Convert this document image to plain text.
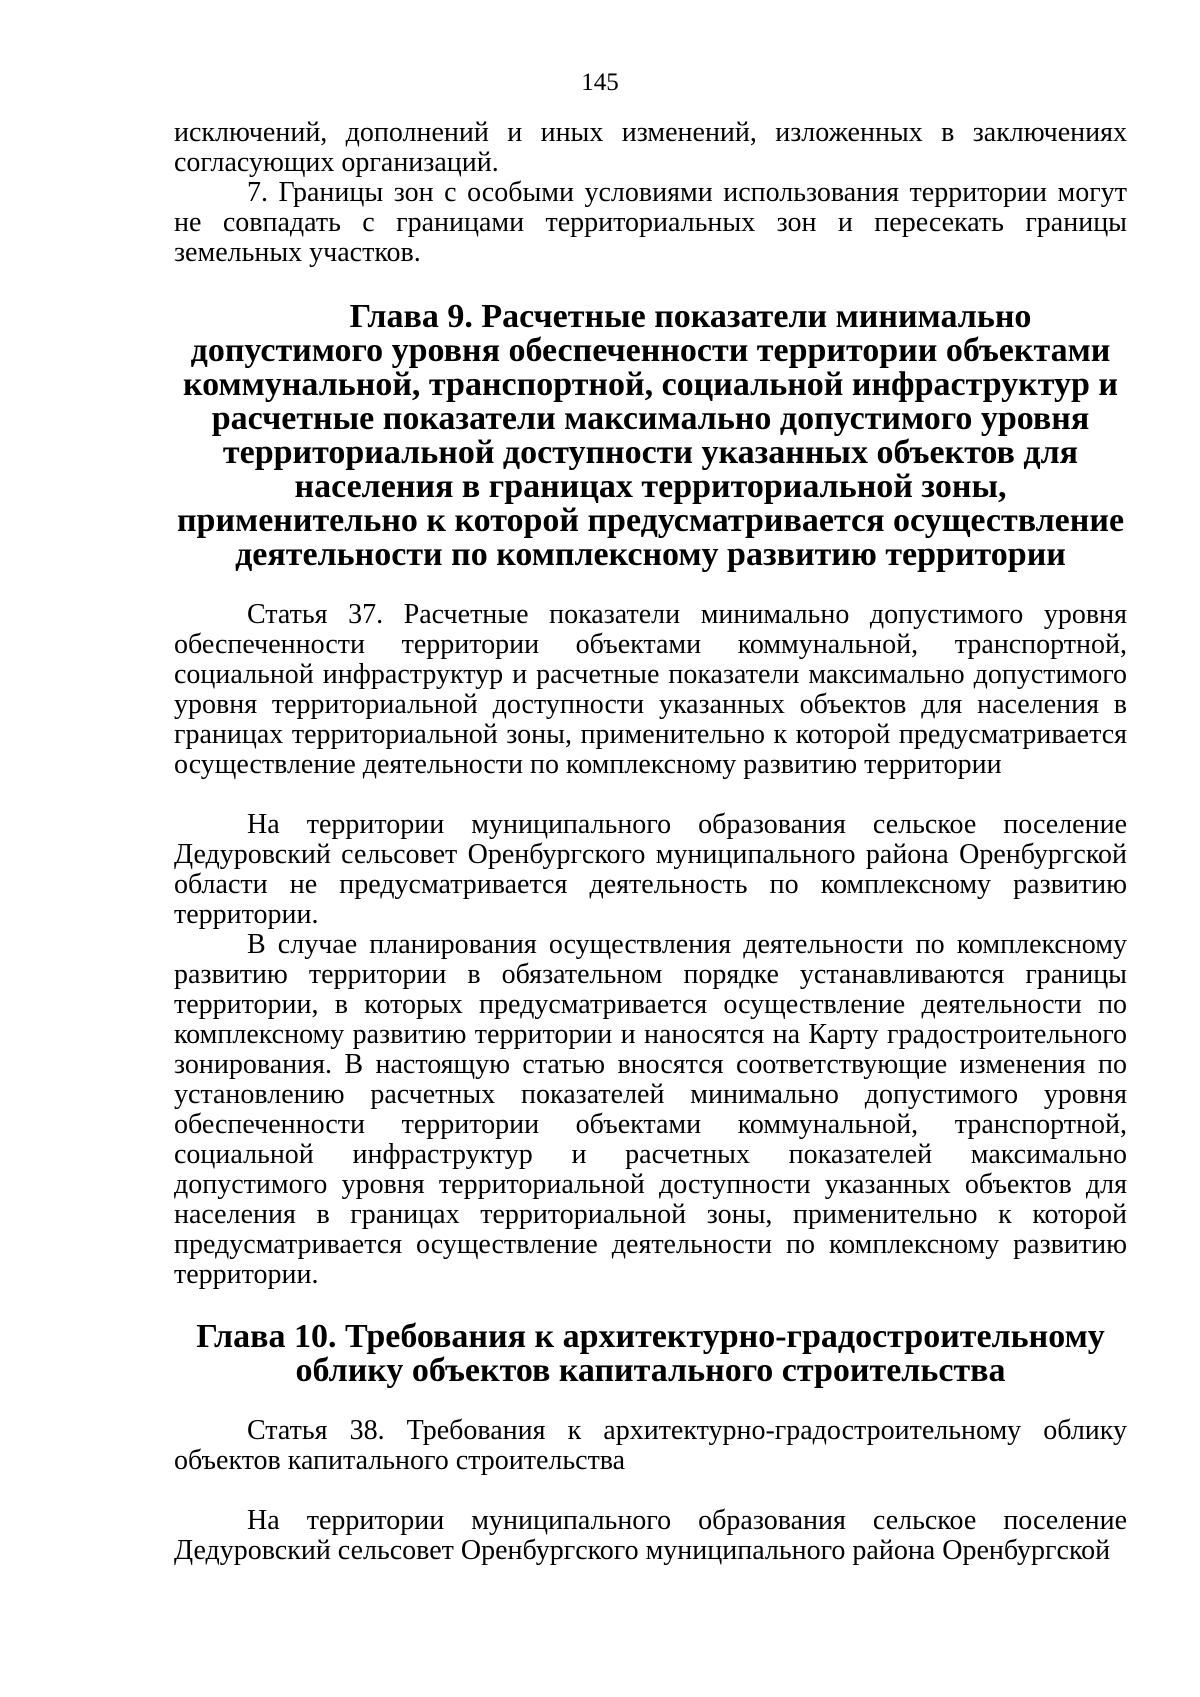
145

исключений, дополнений и иных изменений, изложенных в заключениях согласующих организаций.

7. Границы зон с особыми условиями использования территории могут не совпадать с границами территориальных зон и пересекать границы земельных участков.

Глава 9. Расчетные показатели минимально допустимого уровня обеспеченности территории объектами коммунальной, транспортной, социальной инфраструктур и расчетные показатели максимально допустимого уровня территориальной доступности указанных объектов для населения в границах территориальной зоны, применительно к которой предусматривается осуществление деятельности по комплексному развитию территории

Статья 37. Расчетные показатели минимально допустимого уровня обеспеченности территории объектами коммунальной, транспортной, социальной инфраструктур и расчетные показатели максимально допустимого уровня территориальной доступности указанных объектов для населения в границах территориальной зоны, применительно к которой предусматривается осуществление деятельности по комплексному развитию территории

На территории муниципального образования сельское поселение Дедуровский сельсовет Оренбургского муниципального района Оренбургской области не предусматривается деятельность по комплексному развитию территории.

В случае планирования осуществления деятельности по комплексному развитию территории в обязательном порядке устанавливаются границы территории, в которых предусматривается осуществление деятельности по комплексному развитию территории и наносятся на Карту градостроительного зонирования. В настоящую статью вносятся соответствующие изменения по установлению расчетных показателей минимально допустимого уровня обеспеченности территории объектами коммунальной, транспортной, социальной инфраструктур и расчетных показателей максимально допустимого уровня территориальной доступности указанных объектов для населения в границах территориальной зоны, применительно к которой предусматривается осуществление деятельности по комплексному развитию территории.

Глава 10. Требования к архитектурно-градостроительному облику объектов капитального строительства

Статья 38. Требования к архитектурно-градостроительному облику объектов капитального строительства

На территории муниципального образования сельское поселение Дедуровский сельсовет Оренбургского муниципального района Оренбургской
